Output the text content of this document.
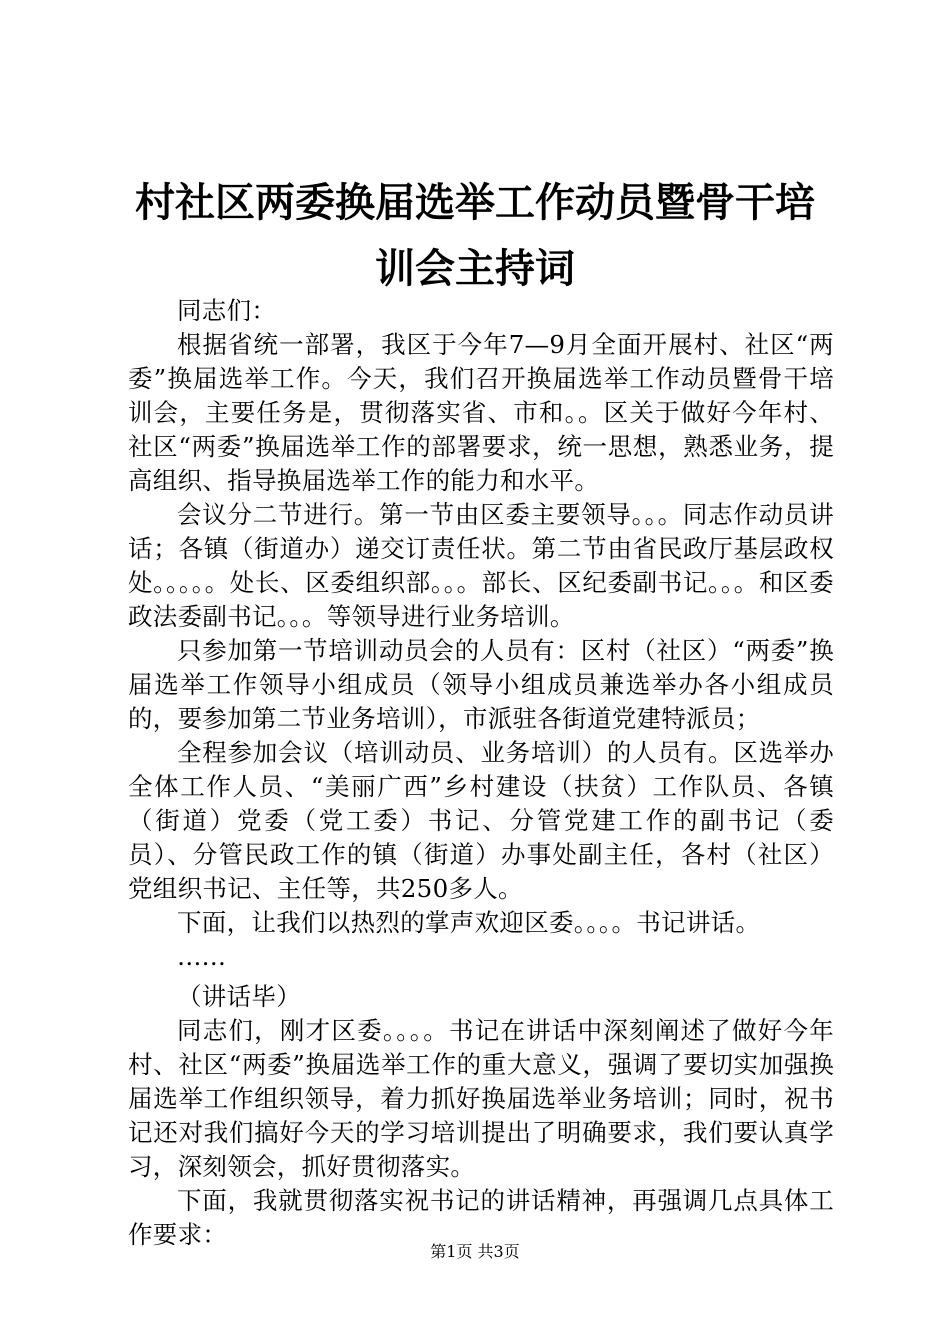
村社区两委换届选举工作动员暨骨干培训会主持词

同志们：

根据省统一部署，我区于今年7—9月全面开展村、社区“两委”换届选举工作。今天，我们召开换届选举工作动员暨骨干培训会，主要任务是，贯彻落实省、市和。。区关于做好今年村、社区“两委”换届选举工作的部署要求，统一思想，熟悉业务，提高组织、指导换届选举工作的能力和水平。

会议分二节进行。第一节由区委主要领导。。。同志作动员讲话；各镇（街道办）递交订责任状。第二节由省民政厅基层政权处。。。。。处长、区委组织部。。。部长、区纪委副书记。。。和区委政法委副书记。。。等领导进行业务培训。

只参加第一节培训动员会的人员有：区村（社区）“两委”换届选举工作领导小组成员（领导小组成员兼选举办各小组成员的，要参加第二节业务培训），市派驻各街道党建特派员；

全程参加会议（培训动员、业务培训）的人员有。区选举办全体工作人员、“美丽广西”乡村建设（扶贫）工作队员、各镇（街道）党委（党工委）书记、分管党建工作的副书记（委员）、分管民政工作的镇（街道）办事处副主任，各村（社区）党组织书记、主任等，共250多人。

下面，让我们以热烈的掌声欢迎区委。。。。书记讲话。

……

（讲话毕）

同志们，刚才区委。。。。书记在讲话中深刻阐述了做好今年村、社区“两委”换届选举工作的重大意义，强调了要切实加强换届选举工作组织领导，着力抓好换届选举业务培训；同时，祝书记还对我们搞好今天的学习培训提出了明确要求，我们要认真学习，深刻领会，抓好贯彻落实。

下面，我就贯彻落实祝书记的讲话精神，再强调几点具体工作要求：

第1页 共3页
